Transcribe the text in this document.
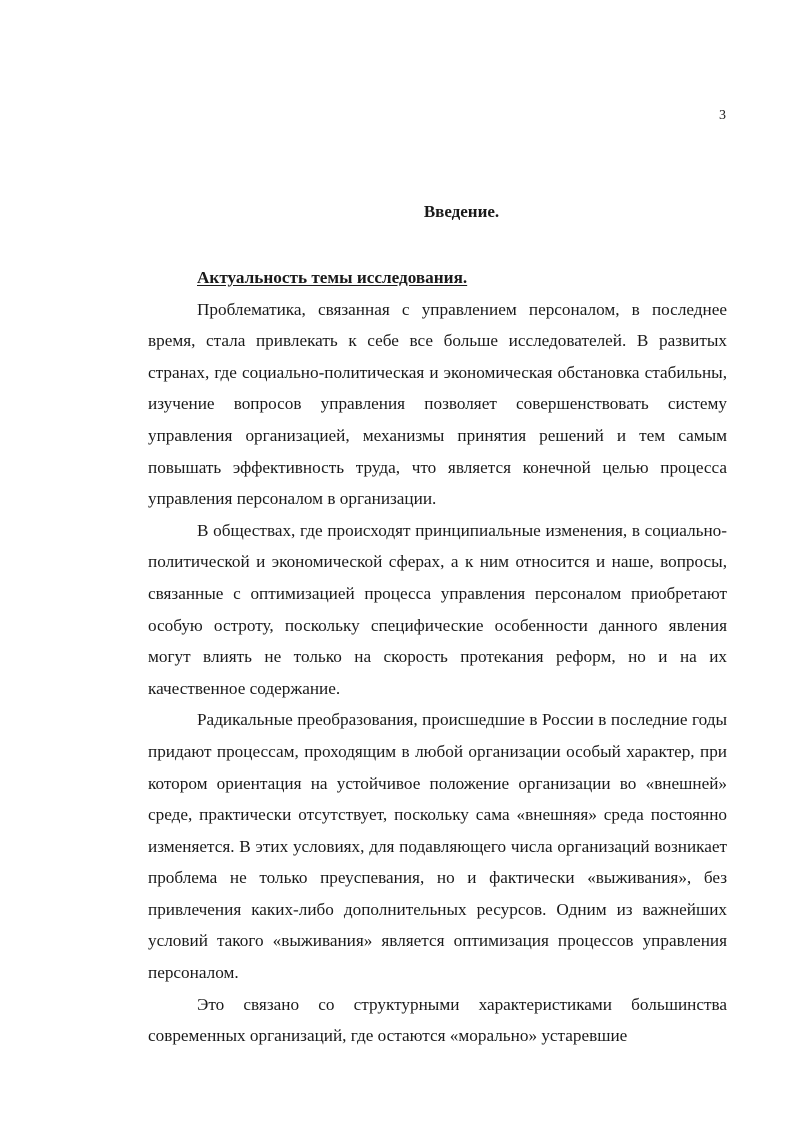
3
Введение.

Актуальность темы исследования.

Проблематика, связанная с управлением персоналом, в последнее время, стала привлекать к себе все больше исследователей. В развитых странах, где социально-политическая и экономическая обстановка стабильны, изучение вопросов управления позволяет совершенствовать систему управления организацией, механизмы принятия решений и тем самым повышать эффективность труда, что является конечной целью процесса управления персоналом в организации.

В обществах, где происходят принципиальные изменения, в социально-политической и экономической сферах, а к ним относится и наше, вопросы, связанные с оптимизацией процесса управления персоналом приобретают особую остроту, поскольку специфические особенности данного явления могут влиять не только на скорость протекания реформ, но и на их качественное содержание.

Радикальные преобразования, происшедшие в России в последние годы придают процессам, проходящим в любой организации особый характер, при котором ориентация на устойчивое положение организации во «внешней» среде, практически отсутствует, поскольку сама «внешняя» среда постоянно изменяется. В этих условиях, для подавляющего числа организаций возникает проблема не только преуспевания, но и фактически «выживания», без привлечения каких-либо дополнительных ресурсов. Одним из важнейших условий такого «выживания» является оптимизация процессов управления персоналом.

Это связано со структурными характеристиками большинства современных организаций, где остаются «морально» устаревшие
